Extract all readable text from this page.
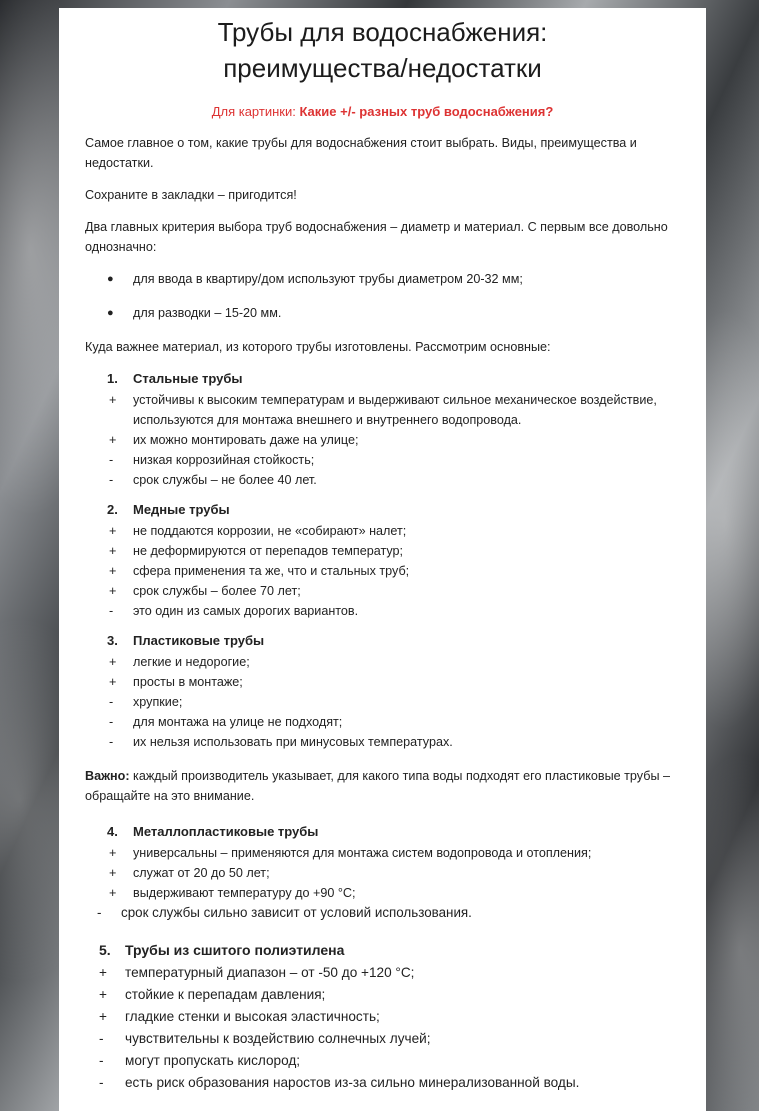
Трубы для водоснабжения:
преимущества/недостатки
Для картинки: Какие +/- разных труб водоснабжения?

Самое главное о том, какие трубы для водоснабжения стоит выбрать. Виды, преимущества и недостатки.

Сохраните в закладки – пригодится!

Два главных критерия выбора труб водоснабжения – диаметр и материал. С первым все довольно однозначно:

● для ввода в квартиру/дом используют трубы диаметром 20-32 мм;
● для разводки – 15-20 мм.

Куда важнее материал, из которого трубы изготовлены. Рассмотрим основные:

1.	Стальные трубы
+	устойчивы к высоким температурам и выдерживают сильное механическое воздействие, используются для монтажа внешнего и внутреннего водопровода.
+	их можно монтировать даже на улице;
-	низкая коррозийная стойкость;
-	срок службы – не более 40 лет.
2.	Медные трубы
+	не поддаются коррозии, не «собирают» налет;
+	не деформируются от перепадов температур;
+	сфера применения та же, что и стальных труб;
+	срок службы – более 70 лет;
-	это один из самых дорогих вариантов.
3.	Пластиковые трубы
+	легкие и недорогие;
+	просты в монтаже;
-	хрупкие;
-	для монтажа на улице не подходят;
-	их нельзя использовать при минусовых температурах.

Важно: каждый производитель указывает, для какого типа воды подходят его пластиковые трубы – обращайте на это внимание.

4.	Металлопластиковые трубы
+	универсальны – применяются для монтажа систем водопровода и отопления;
+	служат от 20 до 50 лет;
+	выдерживают температуру до +90 °С;
-	срок службы сильно зависит от условий использования.
5.	Трубы из сшитого полиэтилена
+	температурный диапазон – от -50 до +120 °С;
+	стойкие к перепадам давления;
+	гладкие стенки и высокая эластичность;
-	чувствительны к воздействию солнечных лучей;
-	могут пропускать кислород;
-	есть риск образования наростов из-за сильно минерализованной воды.
